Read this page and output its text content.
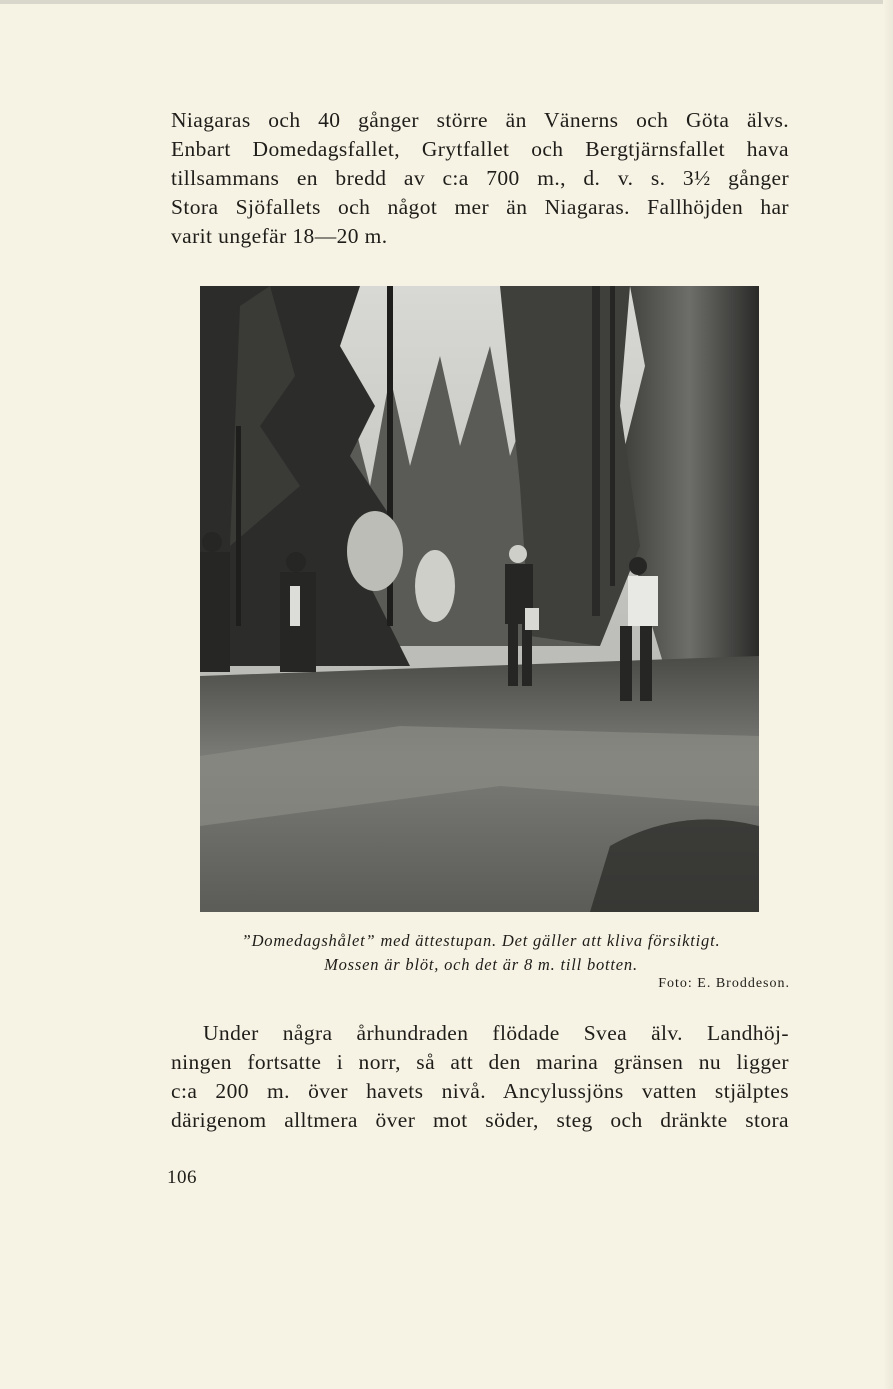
Niagaras och 40 gånger större än Vänerns och Göta älvs.
Enbart Domedagsfallet, Grytfallet och Bergtjärnsfallet hava
tillsammans en bredd av c:a 700 m., d. v. s. 3½ gånger
Stora Sjöfallets och något mer än Niagaras. Fallhöjden har
varit ungefär 18—20 m.

”Domedagshålet” med ättestupan. Det gäller att kliva försiktigt.

Mossen är blöt, och det är 8 m. till botten.

Foto: E. Broddeson.

Under några århundraden flödade Svea älv. Landhöj-
ningen fortsatte i norr, så att den marina gränsen nu ligger
c:a 200 m. över havets nivå. Ancylussjöns vatten stjälptes
därigenom alltmera över mot söder, steg och dränkte stora

106
